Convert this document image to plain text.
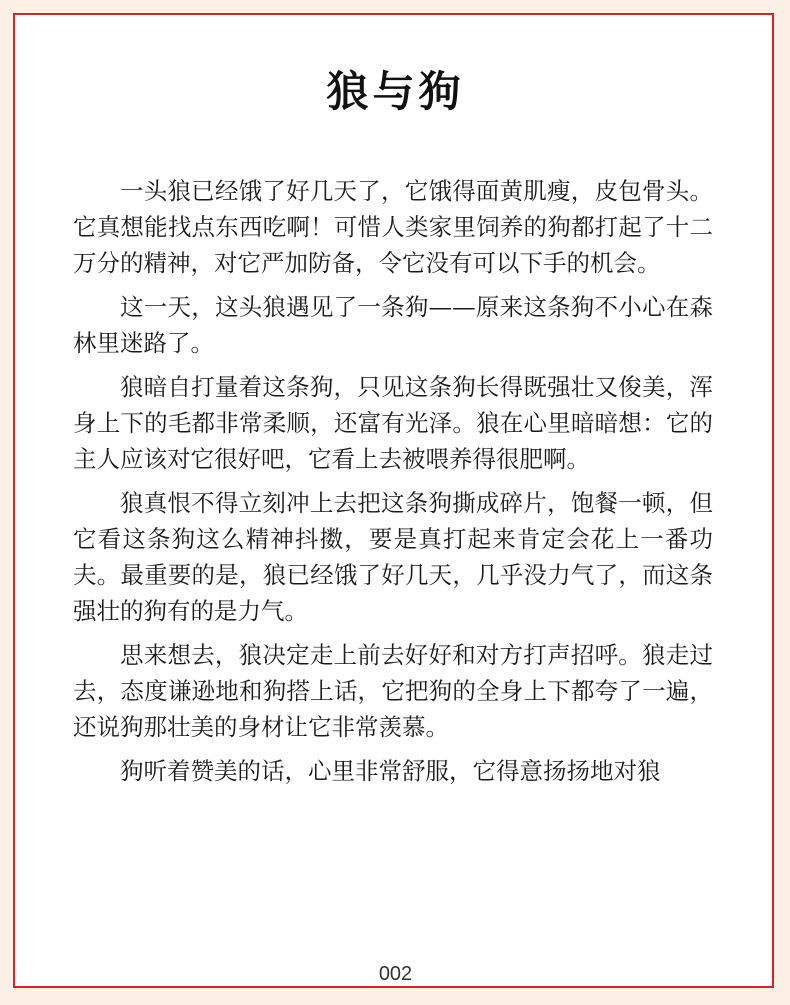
狼与狗

一头狼已经饿了好几天了，它饿得面黄肌瘦，皮包骨头。它真想能找点东西吃啊！可惜人类家里饲养的狗都打起了十二万分的精神，对它严加防备，令它没有可以下手的机会。

这一天，这头狼遇见了一条狗——原来这条狗不小心在森林里迷路了。

狼暗自打量着这条狗，只见这条狗长得既强壮又俊美，浑身上下的毛都非常柔顺，还富有光泽。狼在心里暗暗想：它的主人应该对它很好吧，它看上去被喂养得很肥啊。

狼真恨不得立刻冲上去把这条狗撕成碎片，饱餐一顿，但它看这条狗这么精神抖擞，要是真打起来肯定会花上一番功夫。最重要的是，狼已经饿了好几天，几乎没力气了，而这条强壮的狗有的是力气。

思来想去，狼决定走上前去好好和对方打声招呼。狼走过去，态度谦逊地和狗搭上话，它把狗的全身上下都夸了一遍，还说狗那壮美的身材让它非常羡慕。

狗听着赞美的话，心里非常舒服，它得意扬扬地对狼

002
